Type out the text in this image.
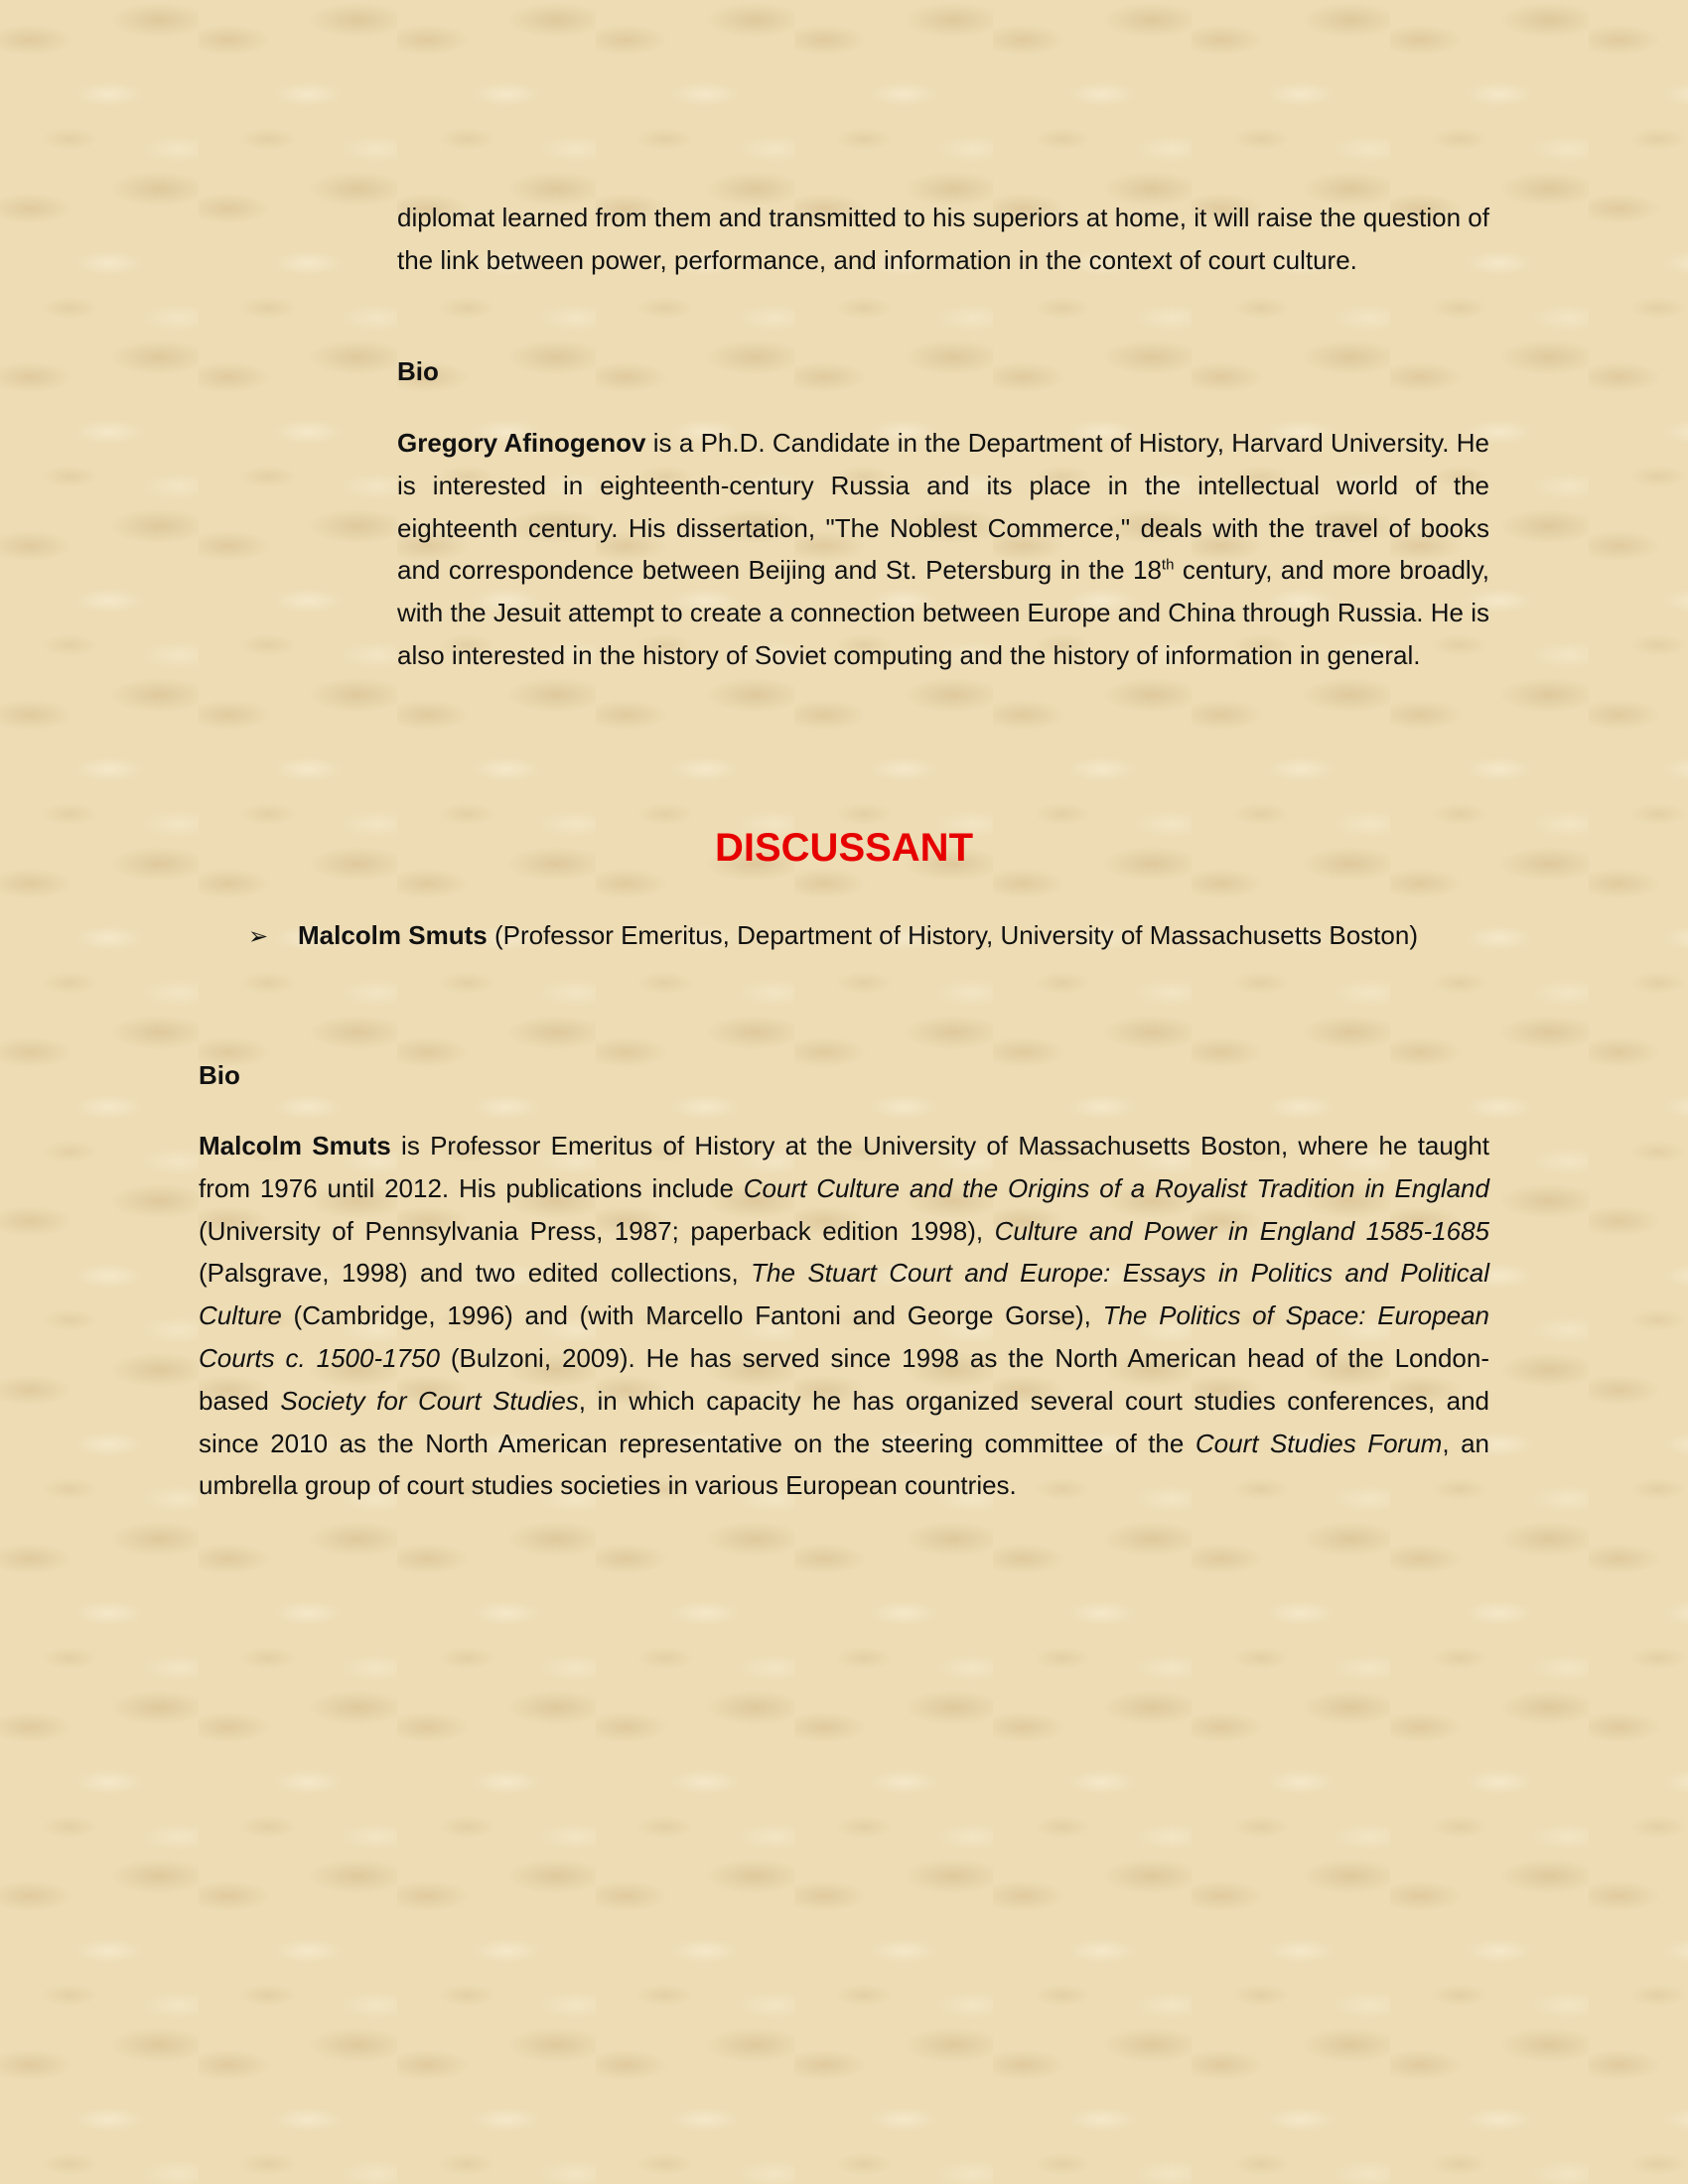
diplomat learned from them and transmitted to his superiors at home, it will raise the question of the link between power, performance, and information in the context of court culture.

Bio

Gregory Afinogenov is a Ph.D. Candidate in the Department of History, Harvard University. He is interested in eighteenth-century Russia and its place in the intellectual world of the eighteenth century. His dissertation, "The Noblest Commerce," deals with the travel of books and correspondence between Beijing and St. Petersburg in the 18th century, and more broadly, with the Jesuit attempt to create a connection between Europe and China through Russia. He is also interested in the history of Soviet computing and the history of information in general.

DISCUSSANT
➢ Malcolm Smuts (Professor Emeritus, Department of History, University of Massachusetts Boston)
Bio

Malcolm Smuts is Professor Emeritus of History at the University of Massachusetts Boston, where he taught from 1976 until 2012. His publications include Court Culture and the Origins of a Royalist Tradition in England (University of Pennsylvania Press, 1987; paperback edition 1998), Culture and Power in England 1585-1685 (Palsgrave, 1998) and two edited collections, The Stuart Court and Europe: Essays in Politics and Political Culture (Cambridge, 1996) and (with Marcello Fantoni and George Gorse), The Politics of Space: European Courts c. 1500-1750 (Bulzoni, 2009). He has served since 1998 as the North American head of the London-based Society for Court Studies, in which capacity he has organized several court studies conferences, and since 2010 as the North American representative on the steering committee of the Court Studies Forum, an umbrella group of court studies societies in various European countries.
